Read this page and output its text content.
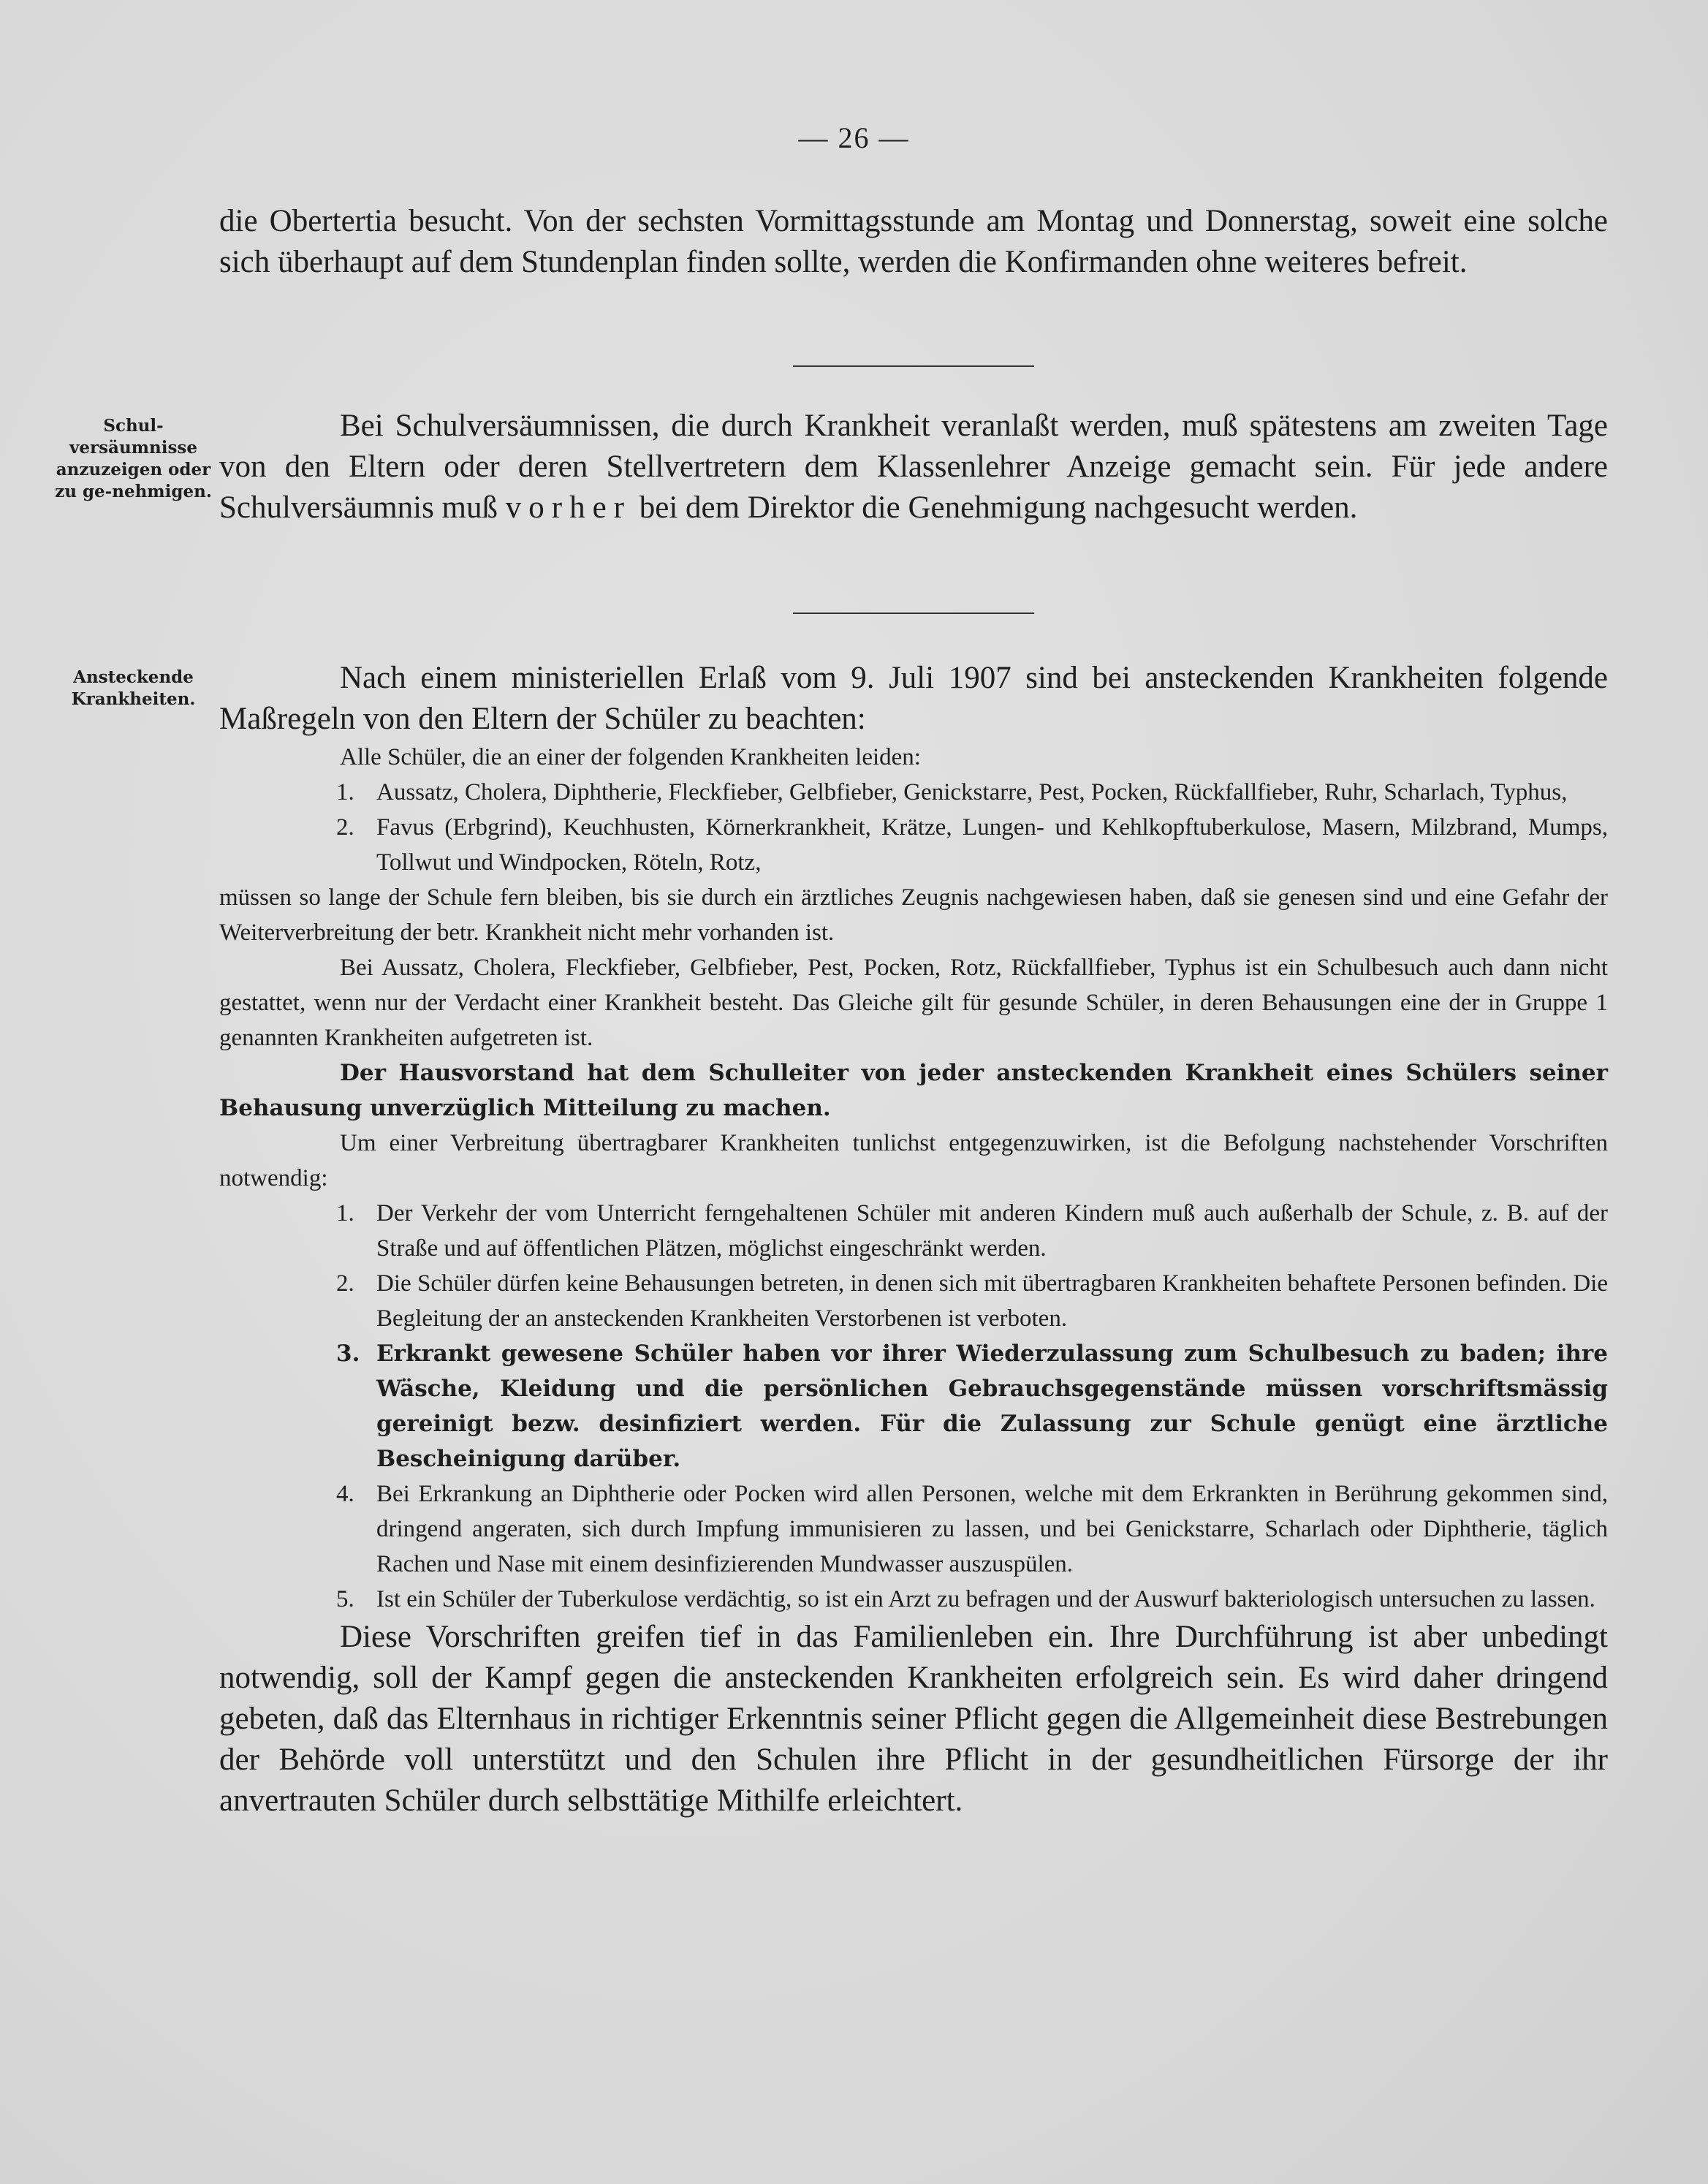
— 26 —

die Obertertia besucht. Von der sechsten Vormittagsstunde am Montag und Donnerstag, soweit eine solche sich überhaupt auf dem Stundenplan finden sollte, werden die Konfirmanden ohne weiteres befreit.

Schul-versäumnisse anzuzeigen oder zu ge-nehmigen.

Bei Schulversäumnissen, die durch Krankheit veranlaßt werden, muß spätestens am zweiten Tage von den Eltern oder deren Stellvertretern dem Klassenlehrer Anzeige gemacht sein. Für jede andere Schulversäumnis muß vorher bei dem Direktor die Genehmigung nachgesucht werden.

Ansteckende Krankheiten.

Nach einem ministeriellen Erlaß vom 9. Juli 1907 sind bei ansteckenden Krankheiten folgende Maßregeln von den Eltern der Schüler zu beachten:

Alle Schüler, die an einer der folgenden Krankheiten leiden:

1. Aussatz, Cholera, Diphtherie, Fleckfieber, Gelbfieber, Genickstarre, Pest, Pocken, Rückfallfieber, Ruhr, Scharlach, Typhus,
2. Favus (Erbgrind), Keuchhusten, Körnerkrankheit, Krätze, Lungen- und Kehlkopftuberkulose, Masern, Milzbrand, Mumps, Tollwut und Windpocken, Röteln, Rotz,

müssen so lange der Schule fern bleiben, bis sie durch ein ärztliches Zeugnis nachgewiesen haben, daß sie genesen sind und eine Gefahr der Weiterverbreitung der betr. Krankheit nicht mehr vorhanden ist.

Bei Aussatz, Cholera, Fleckfieber, Gelbfieber, Pest, Pocken, Rotz, Rückfallfieber, Typhus ist ein Schulbesuch auch dann nicht gestattet, wenn nur der Verdacht einer Krankheit besteht. Das Gleiche gilt für gesunde Schüler, in deren Behausungen eine der in Gruppe 1 genannten Krankheiten aufgetreten ist.

Der Hausvorstand hat dem Schulleiter von jeder ansteckenden Krankheit eines Schülers seiner Behausung unverzüglich Mitteilung zu machen.

Um einer Verbreitung übertragbarer Krankheiten tunlichst entgegenzuwirken, ist die Befolgung nachstehender Vorschriften notwendig:

1. Der Verkehr der vom Unterricht ferngehaltenen Schüler mit anderen Kindern muß auch außerhalb der Schule, z. B. auf der Straße und auf öffentlichen Plätzen, möglichst eingeschränkt werden.
2. Die Schüler dürfen keine Behausungen betreten, in denen sich mit übertragbaren Krankheiten behaftete Personen befinden. Die Begleitung der an ansteckenden Krankheiten Verstorbenen ist verboten.
3. Erkrankt gewesene Schüler haben vor ihrer Wiederzulassung zum Schulbesuch zu baden; ihre Wäsche, Kleidung und die persönlichen Gebrauchsgegenstände müssen vorschriftsmässig gereinigt bezw. desinfiziert werden. Für die Zulassung zur Schule genügt eine ärztliche Bescheinigung darüber.
4. Bei Erkrankung an Diphtherie oder Pocken wird allen Personen, welche mit dem Erkrankten in Berührung gekommen sind, dringend angeraten, sich durch Impfung immunisieren zu lassen, und bei Genickstarre, Scharlach oder Diphtherie, täglich Rachen und Nase mit einem desinfizierenden Mundwasser auszuspülen.
5. Ist ein Schüler der Tuberkulose verdächtig, so ist ein Arzt zu befragen und der Auswurf bakteriologisch untersuchen zu lassen.

Diese Vorschriften greifen tief in das Familienleben ein. Ihre Durchführung ist aber unbedingt notwendig, soll der Kampf gegen die ansteckenden Krankheiten erfolgreich sein. Es wird daher dringend gebeten, daß das Elternhaus in richtiger Erkenntnis seiner Pflicht gegen die Allgemeinheit diese Bestrebungen der Behörde voll unterstützt und den Schulen ihre Pflicht in der gesundheitlichen Fürsorge der ihr anvertrauten Schüler durch selbsttätige Mithilfe erleichtert.
